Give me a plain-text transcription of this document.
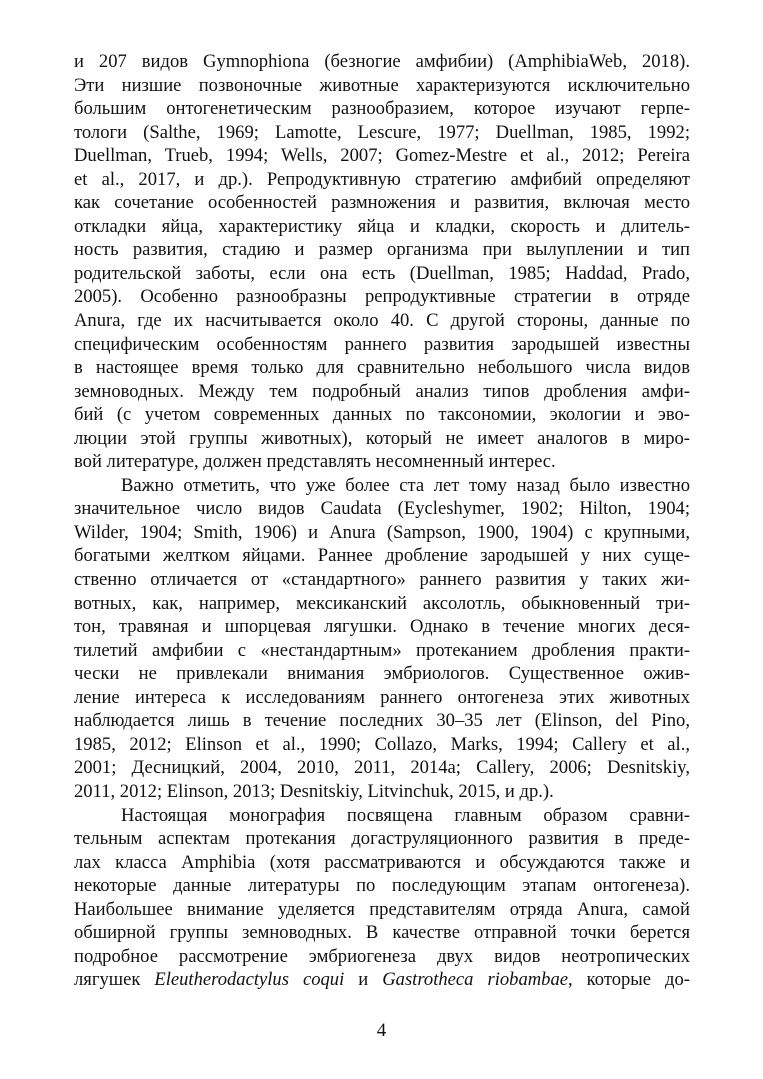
и 207 видов Gymnophiona (безногие амфибии) (AmphibiaWeb, 2018).
Эти низшие позвоночные животные характеризуются исключительно
большим онтогенетическим разнообразием, которое изучают герпе-
тологи (Salthe, 1969; Lamotte, Lescure, 1977; Duellman, 1985, 1992;
Duellman, Trueb, 1994; Wells, 2007; Gomez-Mestre et al., 2012; Pereira
et al., 2017, и др.). Репродуктивную стратегию амфибий определяют
как сочетание особенностей размножения и развития, включая место
откладки яйца, характеристику яйца и кладки, скорость и длитель-
ность развития, стадию и размер организма при вылуплении и тип
родительской заботы, если она есть (Duellman, 1985; Haddad, Prado,
2005). Особенно разнообразны репродуктивные стратегии в отряде
Anura, где их насчитывается около 40. С другой стороны, данные по
специфическим особенностям раннего развития зародышей известны
в настоящее время только для сравнительно небольшого числа видов
земноводных. Между тем подробный анализ типов дробления амфи-
бий (с учетом современных данных по таксономии, экологии и эво-
люции этой группы животных), который не имеет аналогов в миро-
вой литературе, должен представлять несомненный интерес.
Важно отметить, что уже более ста лет тому назад было известно
значительное число видов Caudata (Eycleshymer, 1902; Hilton, 1904;
Wilder, 1904; Smith, 1906) и Anura (Sampson, 1900, 1904) с крупными,
богатыми желтком яйцами. Раннее дробление зародышей у них суще-
ственно отличается от «стандартного» раннего развития у таких жи-
вотных, как, например, мексиканский аксолотль, обыкновенный три-
тон, травяная и шпорцевая лягушки. Однако в течение многих деся-
тилетий амфибии с «нестандартным» протеканием дробления практи-
чески не привлекали внимания эмбриологов. Существенное ожив-
ление интереса к исследованиям раннего онтогенеза этих животных
наблюдается лишь в течение последних 30–35 лет (Elinson, del Pino,
1985, 2012; Elinson et al., 1990; Collazo, Marks, 1994; Callery et al.,
2001; Десницкий, 2004, 2010, 2011, 2014а; Callery, 2006; Desnitskiy,
2011, 2012; Elinson, 2013; Desnitskiy, Litvinchuk, 2015, и др.).
Настоящая монография посвящена главным образом сравни-
тельным аспектам протекания догаструляционного развития в преде-
лах класса Amphibia (хотя рассматриваются и обсуждаются также и
некоторые данные литературы по последующим этапам онтогенеза).
Наибольшее внимание уделяется представителям отряда Anura, самой
обширной группы земноводных. В качестве отправной точки берется
подробное рассмотрение эмбриогенеза двух видов неотропических
лягушек Eleutherodactylus coqui и Gastrotheca riobambae, которые до-
4
